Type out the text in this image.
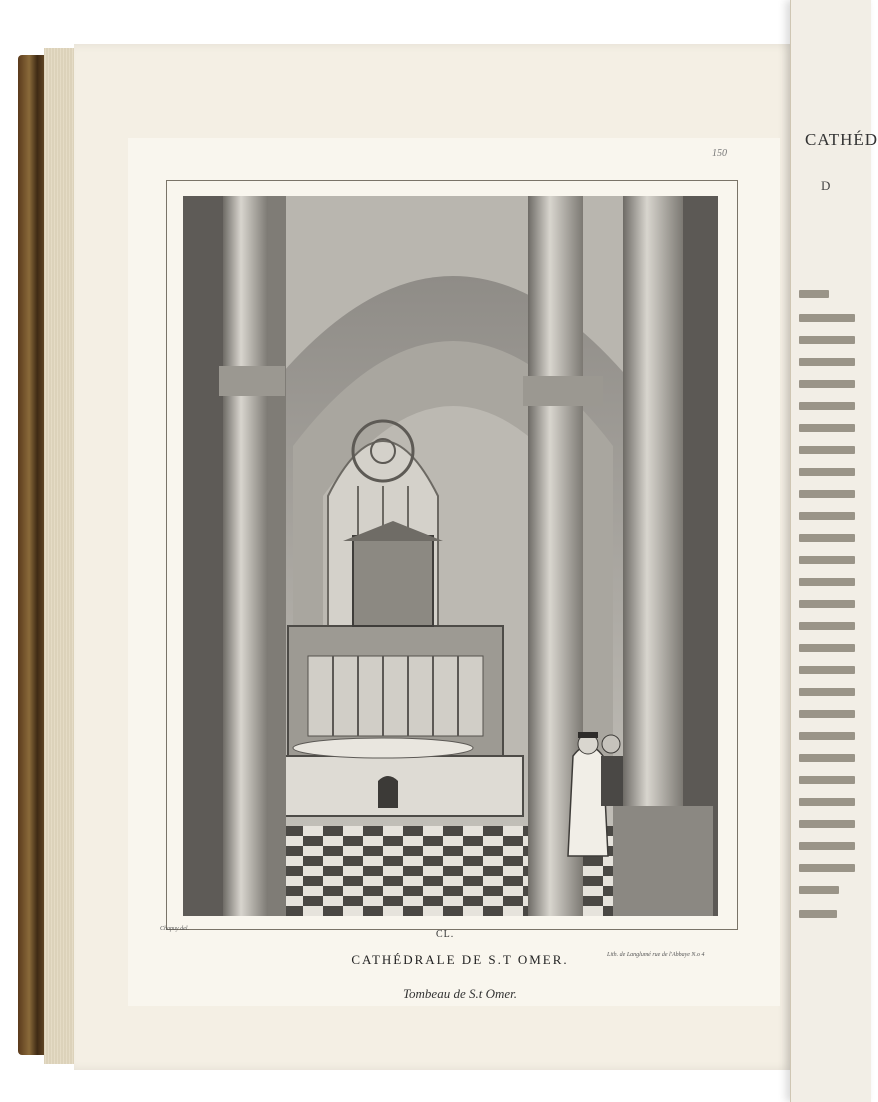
CATHÉD
D
150
Chapuy del.	CL.
Lith. de Langlumé rue de l'Abbaye N.o 4
CATHÉDRALE DE S.T OMER.
Tombeau de S.t Omer.
